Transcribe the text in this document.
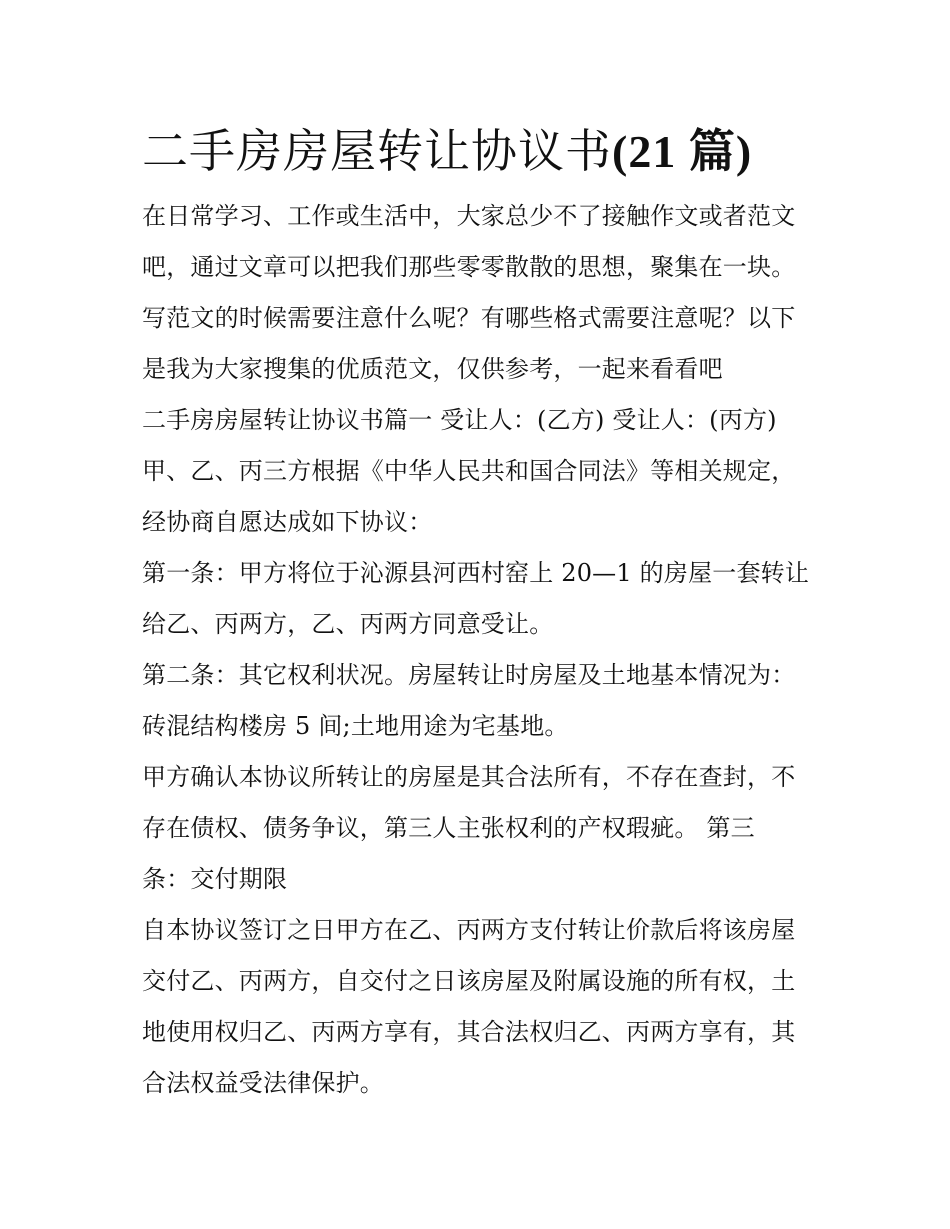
二手房房屋转让协议书(21 篇)
在日常学习、工作或生活中，大家总少不了接触作文或者范文
吧，通过文章可以把我们那些零零散散的思想，聚集在一块。
写范文的时候需要注意什么呢？有哪些格式需要注意呢？以下
是我为大家搜集的优质范文，仅供参考，一起来看看吧
二手房房屋转让协议书篇一 受让人：(乙方) 受让人：(丙方)
甲、乙、丙三方根据《中华人民共和国合同法》等相关规定，
经协商自愿达成如下协议：
第一条：甲方将位于沁源县河西村窑上 20—1 的房屋一套转让
给乙、丙两方，乙、丙两方同意受让。
第二条：其它权利状况。房屋转让时房屋及土地基本情况为：
砖混结构楼房 5 间;土地用途为宅基地。
甲方确认本协议所转让的房屋是其合法所有，不存在查封，不
存在债权、债务争议，第三人主张权利的产权瑕疵。 第三
条：交付期限
自本协议签订之日甲方在乙、丙两方支付转让价款后将该房屋
交付乙、丙两方，自交付之日该房屋及附属设施的所有权，土
地使用权归乙、丙两方享有，其合法权归乙、丙两方享有，其
合法权益受法律保护。
